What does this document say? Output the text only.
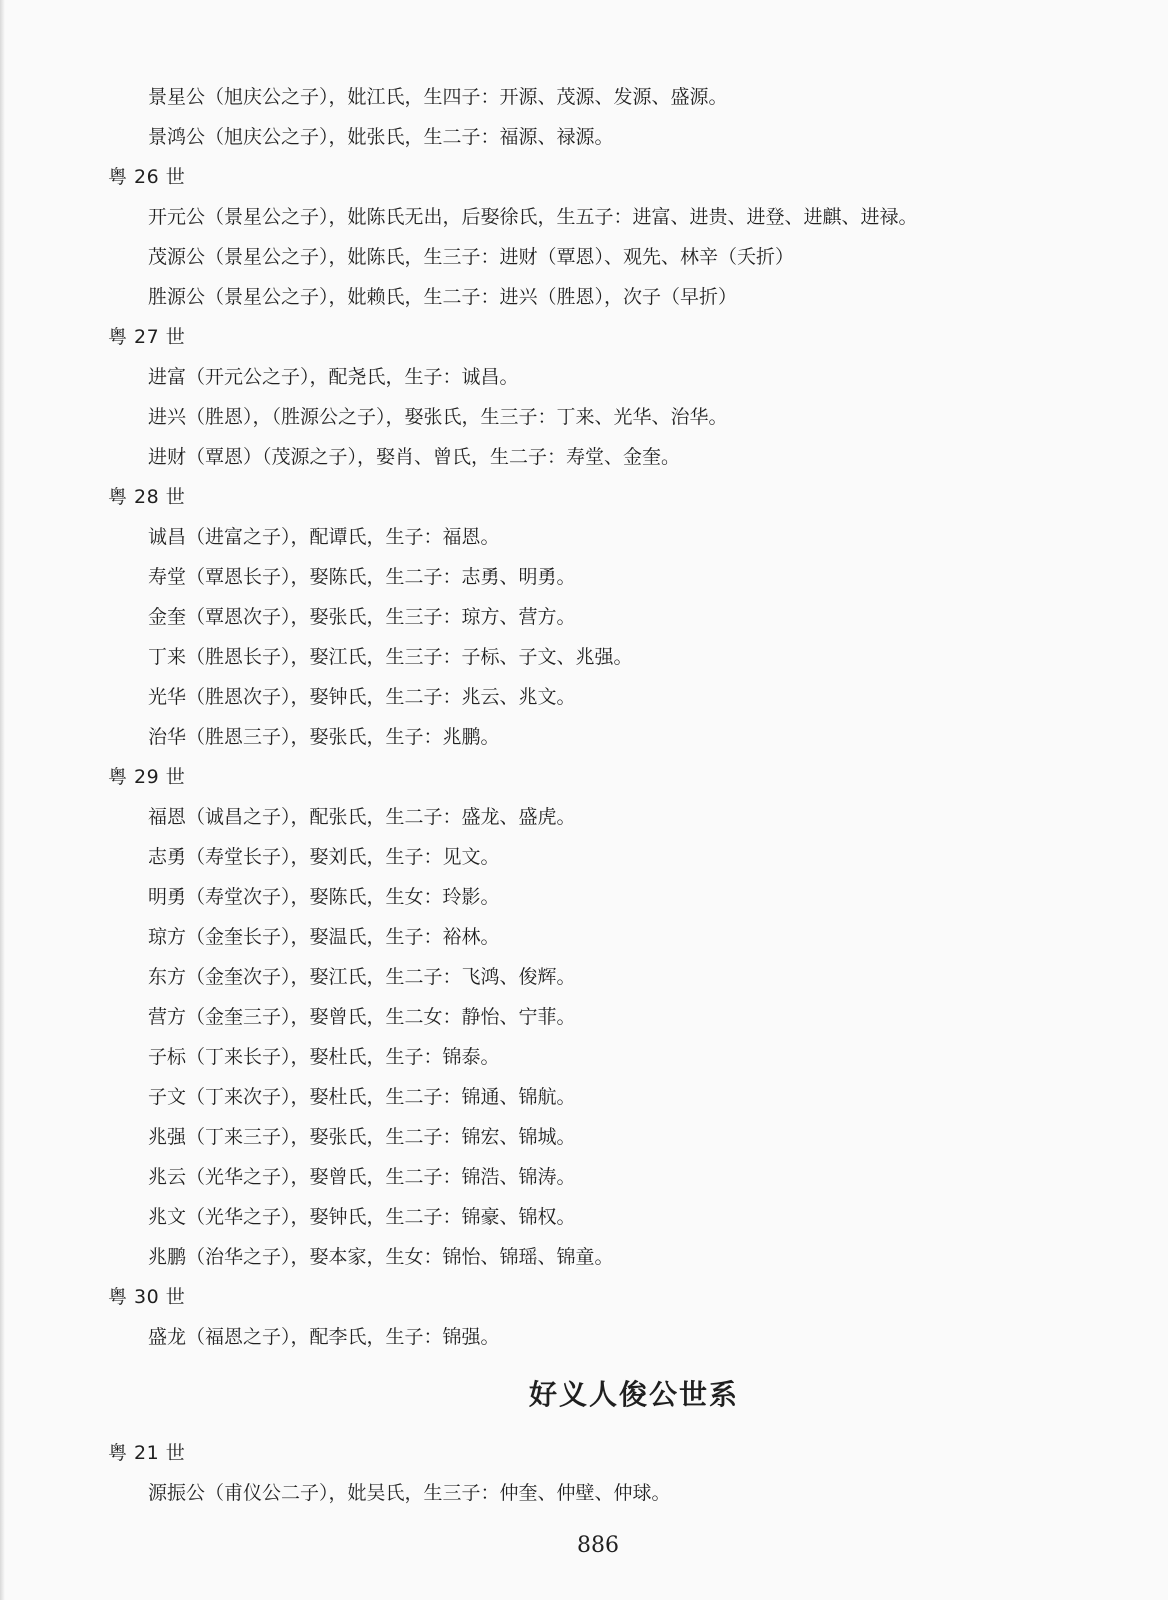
景星公（旭庆公之子），妣江氏，生四子：开源、茂源、发源、盛源。
景鸿公（旭庆公之子），妣张氏，生二子：福源、禄源。
粤 26 世
开元公（景星公之子），妣陈氏无出，后娶徐氏，生五子：进富、进贵、进登、进麒、进禄。
茂源公（景星公之子），妣陈氏，生三子：进财（覃恩）、观先、林辛（夭折）
胜源公（景星公之子），妣赖氏，生二子：进兴（胜恩），次子（早折）
粤 27 世
进富（开元公之子），配尧氏，生子：诚昌。
进兴（胜恩），（胜源公之子），娶张氏，生三子：丁来、光华、治华。
进财（覃恩）（茂源之子），娶肖、曾氏，生二子：寿堂、金奎。
粤 28 世
诚昌（进富之子），配谭氏，生子：福恩。
寿堂（覃恩长子），娶陈氏，生二子：志勇、明勇。
金奎（覃恩次子），娶张氏，生三子：琼方、营方。
丁来（胜恩长子），娶江氏，生三子：子标、子文、兆强。
光华（胜恩次子），娶钟氏，生二子：兆云、兆文。
治华（胜恩三子），娶张氏，生子：兆鹏。
粤 29 世
福恩（诚昌之子），配张氏，生二子：盛龙、盛虎。
志勇（寿堂长子），娶刘氏，生子：见文。
明勇（寿堂次子），娶陈氏，生女：玲影。
琼方（金奎长子），娶温氏，生子：裕林。
东方（金奎次子），娶江氏，生二子：飞鸿、俊辉。
营方（金奎三子），娶曾氏，生二女：静怡、宁菲。
子标（丁来长子），娶杜氏，生子：锦泰。
子文（丁来次子），娶杜氏，生二子：锦通、锦航。
兆强（丁来三子），娶张氏，生二子：锦宏、锦城。
兆云（光华之子），娶曾氏，生二子：锦浩、锦涛。
兆文（光华之子），娶钟氏，生二子：锦豪、锦权。
兆鹏（治华之子），娶本家，生女：锦怡、锦瑶、锦童。
粤 30 世
盛龙（福恩之子），配李氏，生子：锦强。
好义人俊公世系
粤 21 世
源振公（甫仪公二子），妣吴氏，生三子：仲奎、仲壁、仲球。
886
